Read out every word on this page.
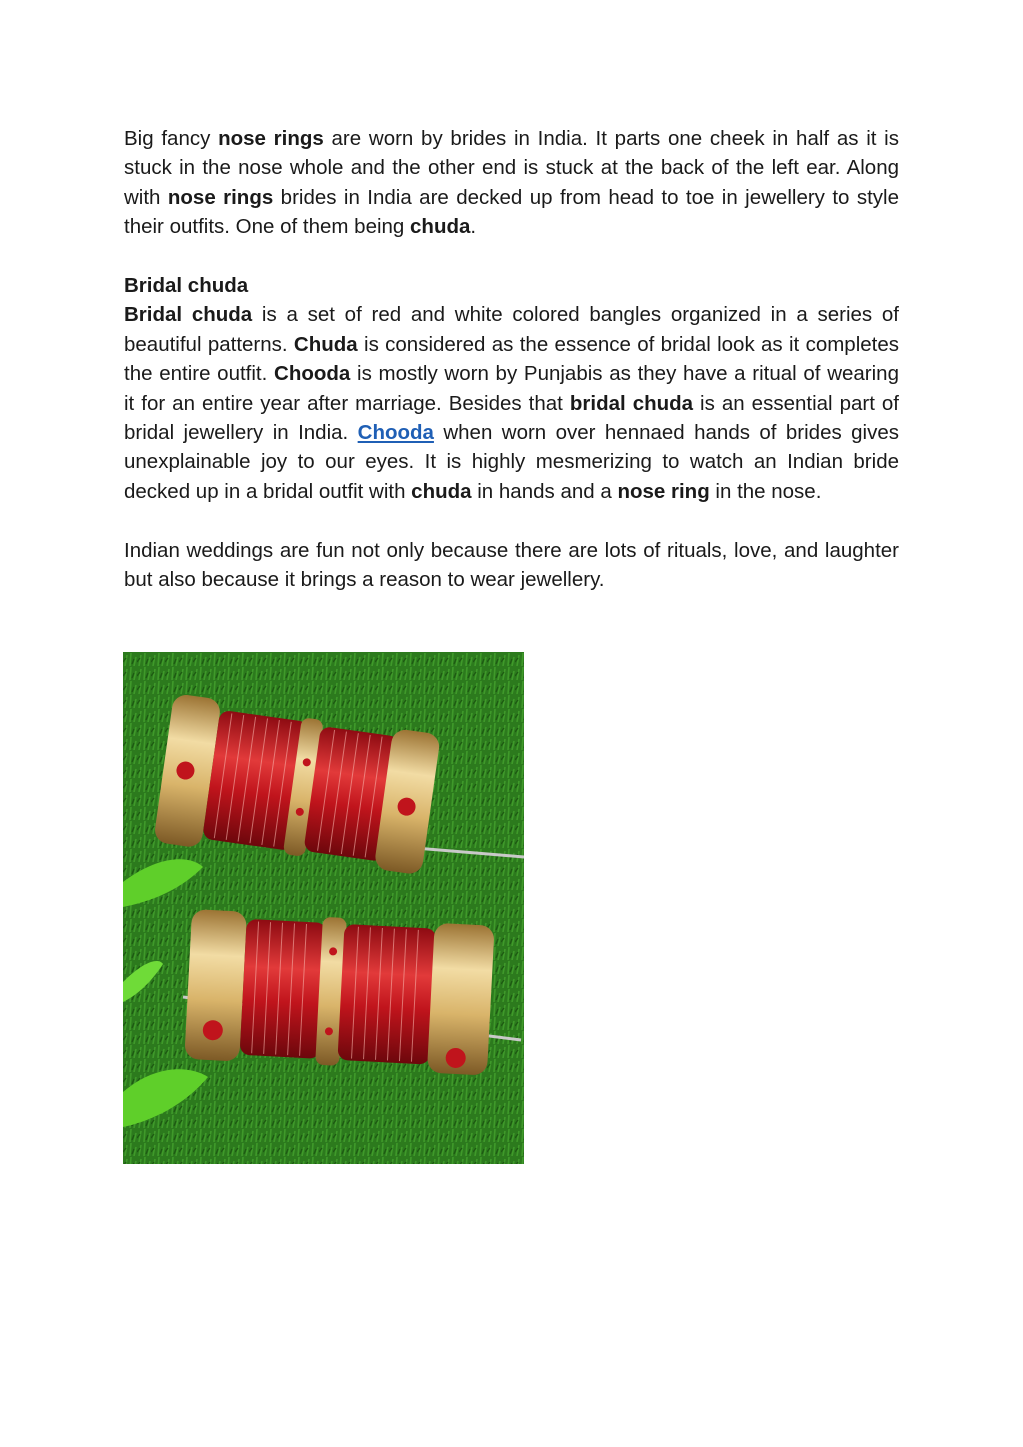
Big fancy nose rings are worn by brides in India. It parts one cheek in half as it is stuck in the nose whole and the other end is stuck at the back of the left ear. Along with nose rings brides in India are decked up from head to toe in jewellery to style their outfits. One of them being chuda.

Bridal chuda

Bridal chuda is a set of red and white colored bangles organized in a series of beautiful patterns. Chuda is considered as the essence of bridal look as it completes the entire outfit. Chooda is mostly worn by Punjabis as they have a ritual of wearing it for an entire year after marriage. Besides that bridal chuda is an essential part of bridal jewellery in India. Chooda when worn over hennaed hands of brides gives unexplainable joy to our eyes. It is highly mesmerizing to watch an Indian bride decked up in a bridal outfit with chuda in hands and a nose ring in the nose.

Indian weddings are fun not only because there are lots of rituals, love, and laughter but also because it brings a reason to wear jewellery.
